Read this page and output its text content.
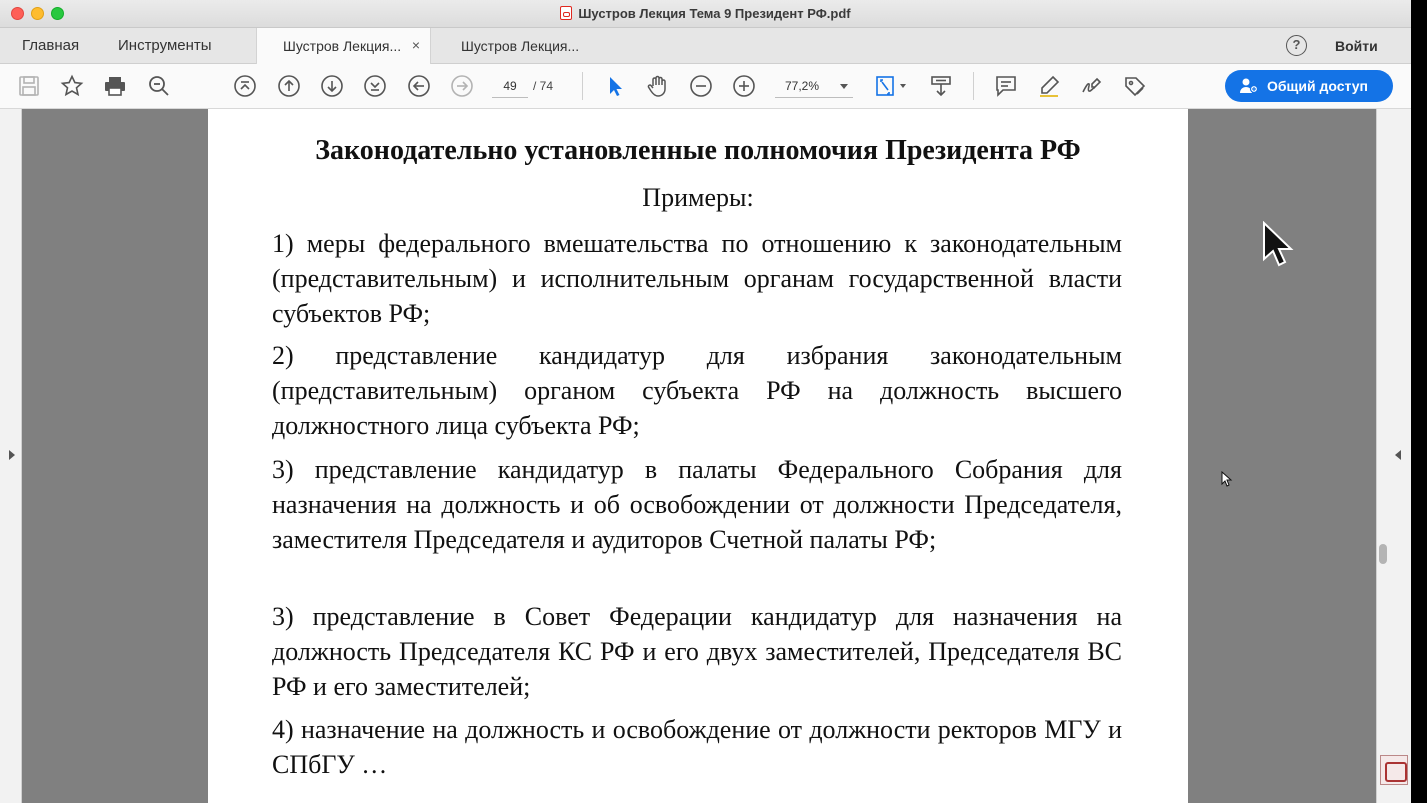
Шустров Лекция Тема 9 Президент РФ.pdf
Главная	Инструменты	Шустров Лекция... ×	Шустров Лекция...	?	Войти
49	/ 74	77,2%	Общий доступ
Законодательно установленные полномочия Президента РФ
Примеры:
1) меры федерального вмешательства по отношению к законодательным (представительным) и исполнительным органам государственной власти субъектов РФ;
2) представление кандидатур для избрания законодательным (представительным) органом субъекта РФ на должность высшего должностного лица субъекта РФ;
3) представление кандидатур в палаты Федерального Собрания для назначения на должность и об освобождении от должности Председателя, заместителя Председателя и аудиторов Счетной палаты РФ;
3) представление в Совет Федерации кандидатур для назначения на должность Председателя КС РФ и его двух заместителей, Председателя ВС РФ и его заместителей;
4) назначение на должность и освобождение от должности ректоров МГУ и СПбГУ …
